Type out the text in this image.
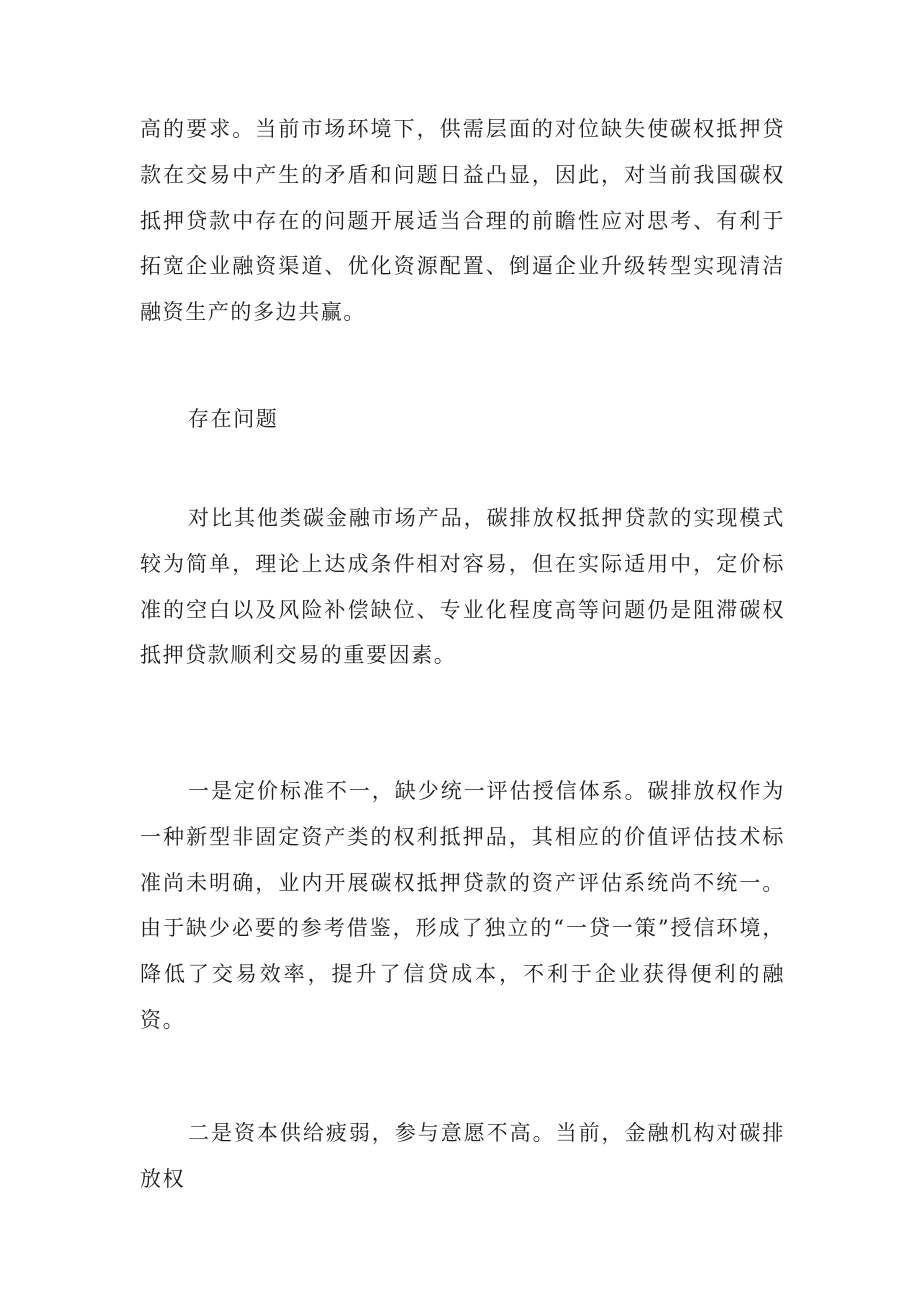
高的要求。当前市场环境下，供需层面的对位缺失使碳权抵押贷款在交易中产生的矛盾和问题日益凸显，因此，对当前我国碳权抵押贷款中存在的问题开展适当合理的前瞻性应对思考、有利于拓宽企业融资渠道、优化资源配置、倒逼企业升级转型实现清洁融资生产的多边共赢。

存在问题

对比其他类碳金融市场产品，碳排放权抵押贷款的实现模式较为简单，理论上达成条件相对容易，但在实际适用中，定价标准的空白以及风险补偿缺位、专业化程度高等问题仍是阻滞碳权抵押贷款顺利交易的重要因素。

一是定价标准不一，缺少统一评估授信体系。碳排放权作为一种新型非固定资产类的权利抵押品，其相应的价值评估技术标准尚未明确，业内开展碳权抵押贷款的资产评估系统尚不统一。由于缺少必要的参考借鉴，形成了独立的“一贷一策”授信环境，降低了交易效率，提升了信贷成本，不利于企业获得便利的融资。

二是资本供给疲弱，参与意愿不高。当前，金融机构对碳排放权
